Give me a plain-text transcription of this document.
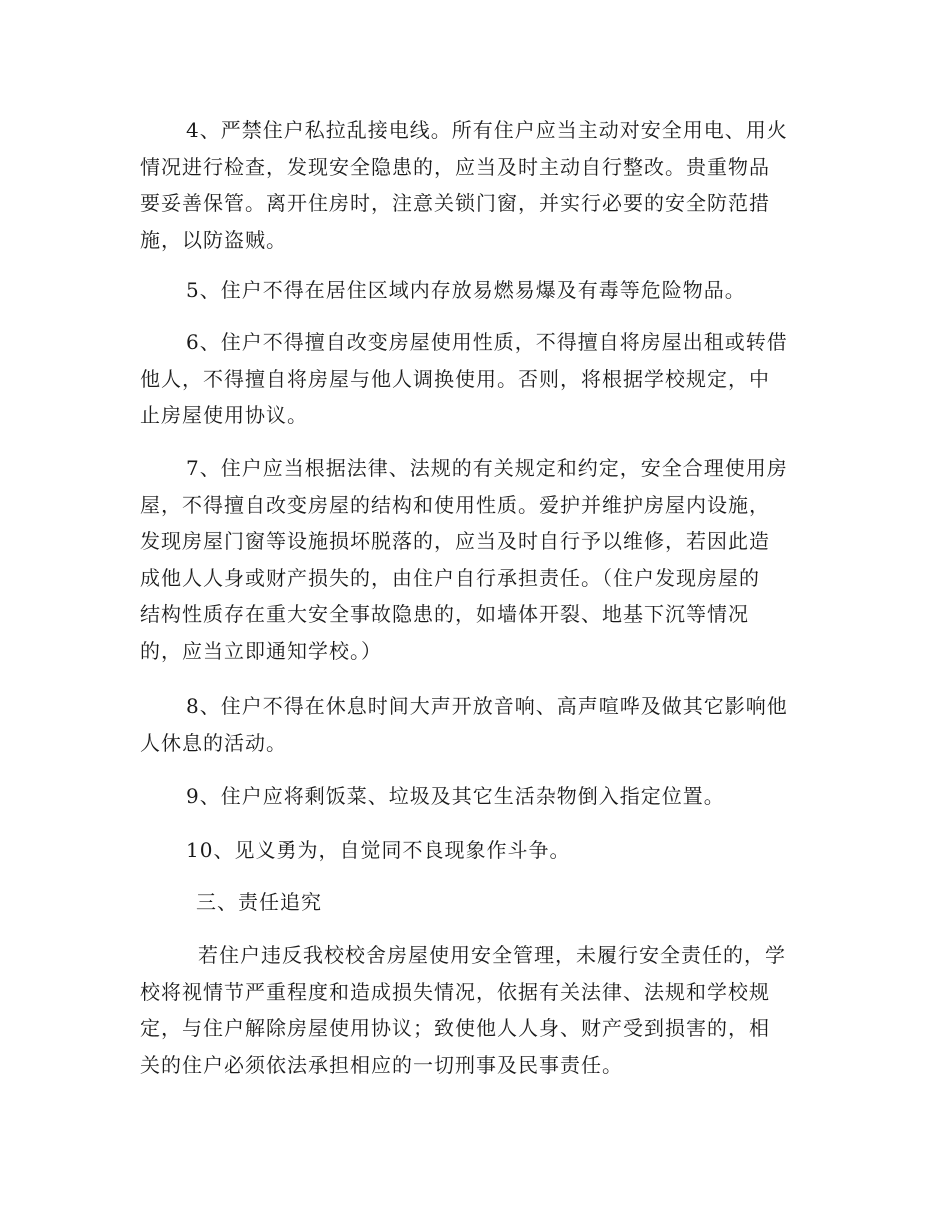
4、严禁住户私拉乱接电线。所有住户应当主动对安全用电、用火
情况进行检查，发现安全隐患的，应当及时主动自行整改。贵重物品
要妥善保管。离开住房时，注意关锁门窗，并实行必要的安全防范措
施，以防盗贼。
5、住户不得在居住区域内存放易燃易爆及有毒等危险物品。
6、住户不得擅自改变房屋使用性质，不得擅自将房屋出租或转借
他人，不得擅自将房屋与他人调换使用。否则，将根据学校规定，中
止房屋使用协议。
7、住户应当根据法律、法规的有关规定和约定，安全合理使用房
屋，不得擅自改变房屋的结构和使用性质。爱护并维护房屋内设施，
发现房屋门窗等设施损坏脱落的，应当及时自行予以维修，若因此造
成他人人身或财产损失的，由住户自行承担责任。（住户发现房屋的
结构性质存在重大安全事故隐患的，如墙体开裂、地基下沉等情况
的，应当立即通知学校。）
8、住户不得在休息时间大声开放音响、高声喧哗及做其它影响他
人休息的活动。
9、住户应将剩饭菜、垃圾及其它生活杂物倒入指定位置。
10、见义勇为，自觉同不良现象作斗争。
三、责任追究
若住户违反我校校舍房屋使用安全管理，未履行安全责任的，学
校将视情节严重程度和造成损失情况，依据有关法律、法规和学校规
定，与住户解除房屋使用协议；致使他人人身、财产受到损害的，相
关的住户必须依法承担相应的一切刑事及民事责任。
